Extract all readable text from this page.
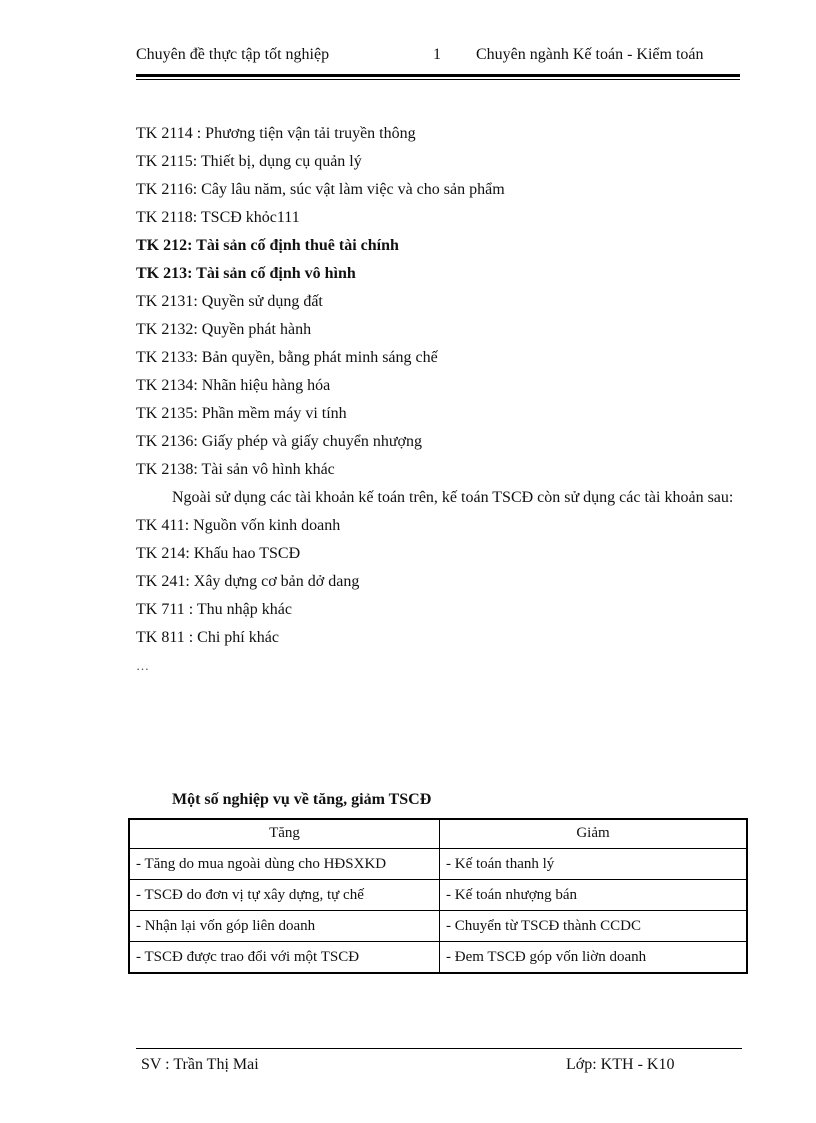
Chuyên đề thực tập tốt nghiệp	1 Chuyên ngành Kế toán - Kiểm toán
TK 2114 : Phương tiện vận tải truyền thông
TK 2115: Thiết bị, dụng cụ quản lý
TK 2116: Cây lâu năm, súc vật làm việc và cho sản phẩm
TK 2118: TSCĐ khỏc111
TK 212: Tài sản cố định thuê tài chính
TK 213: Tài sản cố định vô hình
TK 2131: Quyền sử dụng đất
TK 2132: Quyền phát hành
TK 2133: Bản quyền, bằng phát minh sáng chế
TK 2134: Nhãn hiệu hàng hóa
TK 2135: Phần mềm máy vi tính
TK 2136: Giấy phép và giấy chuyển nhượng
TK 2138: Tài sản vô hình khác
Ngoài sử dụng các tài khoản kế toán trên, kế toán TSCĐ còn sử dụng các tài khoản sau:
TK 411: Nguồn vốn kinh doanh
TK 214: Khấu hao TSCĐ
TK 241: Xây dựng cơ bản dở dang
TK 711 : Thu nhập khác
TK 811 : Chi phí khác
…
Một số nghiệp vụ về tăng, giảm TSCĐ
Tăng	Giảm
- Tăng do mua ngoài dùng cho HĐSXKD	- Kế toán thanh lý
- TSCĐ do đơn vị tự xây dựng, tự chế	- Kế toán nhượng bán
- Nhận lại vốn góp liên doanh	- Chuyển từ TSCĐ thành CCDC
- TSCĐ được trao đổi với một TSCĐ	- Đem TSCĐ góp vốn liờn doanh
SV : Trần Thị Mai	Lớp: KTH - K10
